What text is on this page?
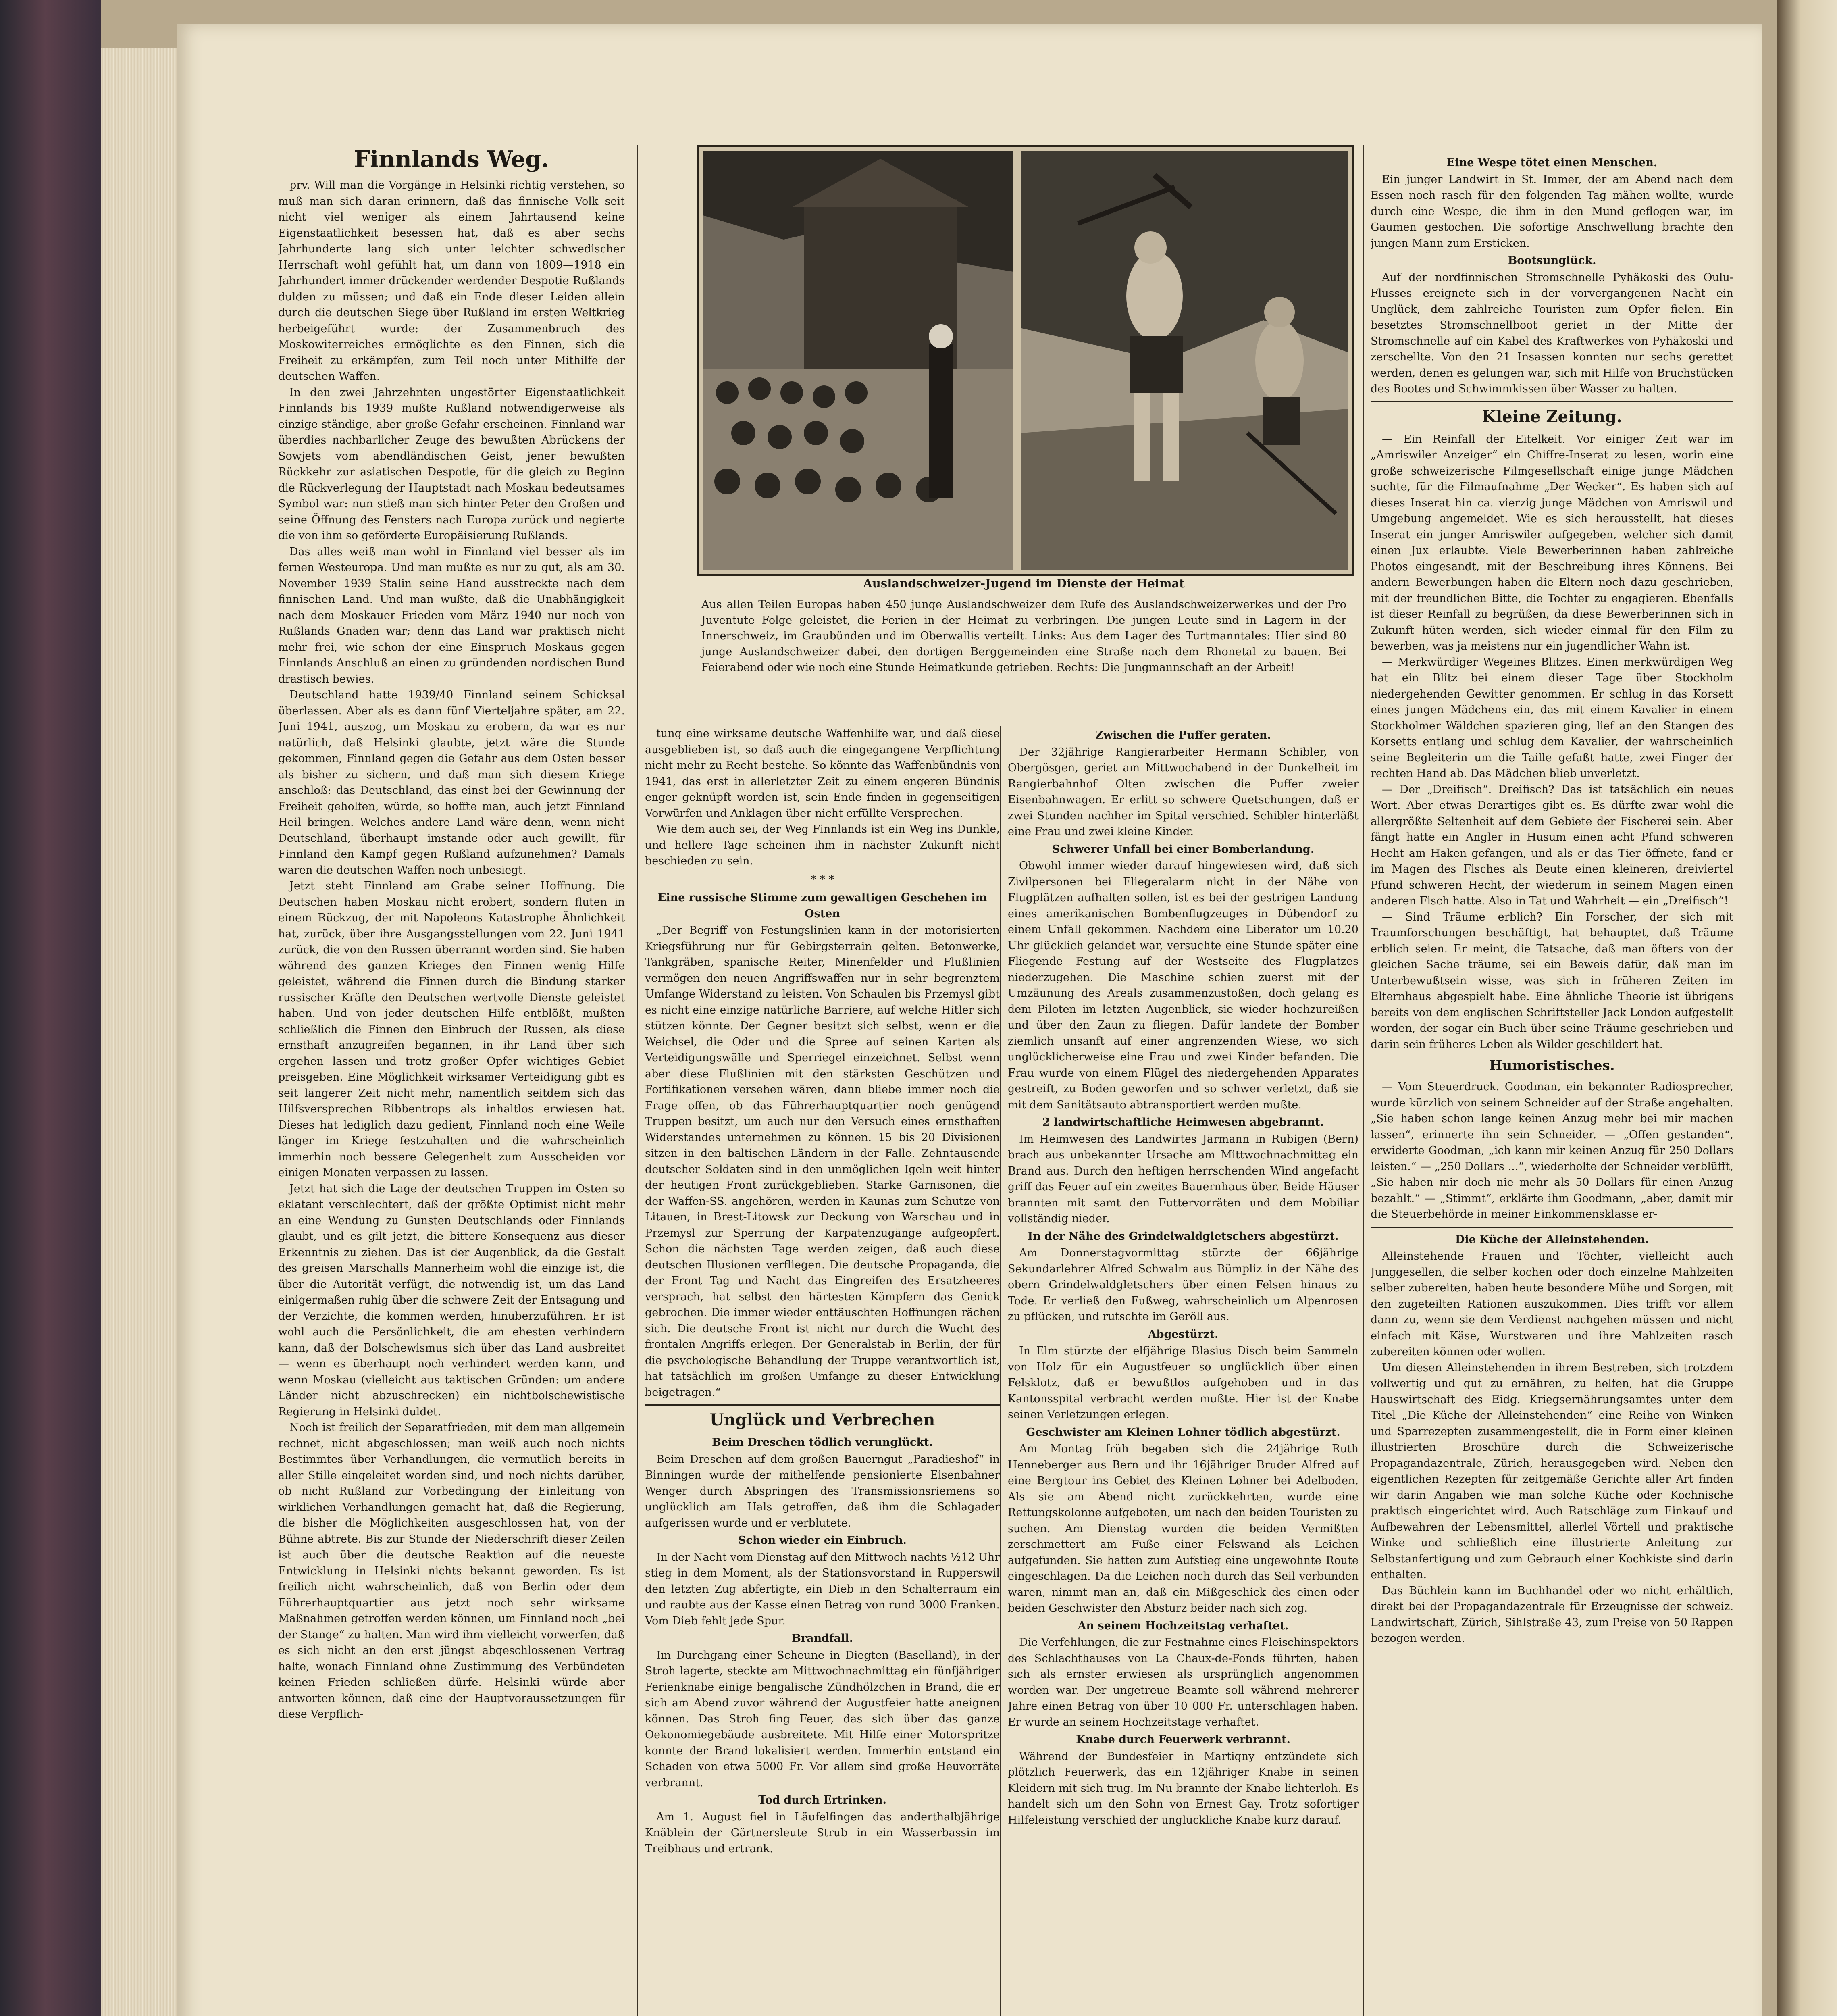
Finnlands Weg.

prv. Will man die Vorgänge in Helsinki richtig verstehen, so muß man sich daran erinnern, daß das finnische Volk seit nicht viel weniger als einem Jahrtausend keine Eigenstaatlichkeit besessen hat, daß es aber sechs Jahrhunderte lang sich unter leichter schwedischer Herrschaft wohl gefühlt hat, um dann von 1809—1918 ein Jahrhundert immer drückender werdender Despotie Rußlands dulden zu müssen; und daß ein Ende dieser Leiden allein durch die deutschen Siege über Rußland im ersten Weltkrieg herbeigeführt wurde: der Zusammenbruch des Moskowiterreiches ermöglichte es den Finnen, sich die Freiheit zu erkämpfen, zum Teil noch unter Mithilfe der deutschen Waffen.

In den zwei Jahrzehnten ungestörter Eigenstaatlichkeit Finnlands bis 1939 mußte Rußland notwendigerweise als einzige ständige, aber große Gefahr erscheinen. Finnland war überdies nachbarlicher Zeuge des bewußten Abrückens der Sowjets vom abendländischen Geist, jener bewußten Rückkehr zur asiatischen Despotie, für die gleich zu Beginn die Rückverlegung der Hauptstadt nach Moskau bedeutsames Symbol war: nun stieß man sich hinter Peter den Großen und seine Öffnung des Fensters nach Europa zurück und negierte die von ihm so geförderte Europäisierung Rußlands.

Das alles weiß man wohl in Finnland viel besser als im fernen Westeuropa. Und man mußte es nur zu gut, als am 30. November 1939 Stalin seine Hand ausstreckte nach dem finnischen Land. Und man wußte, daß die Unabhängigkeit nach dem Moskauer Frieden vom März 1940 nur noch von Rußlands Gnaden war; denn das Land war praktisch nicht mehr frei, wie schon der eine Einspruch Moskaus gegen Finnlands Anschluß an einen zu gründenden nordischen Bund drastisch bewies.

Deutschland hatte 1939/40 Finnland seinem Schicksal überlassen. Aber als es dann fünf Vierteljahre später, am 22. Juni 1941, auszog, um Moskau zu erobern, da war es nur natürlich, daß Helsinki glaubte, jetzt wäre die Stunde gekommen, Finnland gegen die Gefahr aus dem Osten besser als bisher zu sichern, und daß man sich diesem Kriege anschloß: das Deutschland, das einst bei der Gewinnung der Freiheit geholfen, würde, so hoffte man, auch jetzt Finnland Heil bringen. Welches andere Land wäre denn, wenn nicht Deutschland, überhaupt imstande oder auch gewillt, für Finnland den Kampf gegen Rußland aufzunehmen? Damals waren die deutschen Waffen noch unbesiegt.

Jetzt steht Finnland am Grabe seiner Hoffnung. Die Deutschen haben Moskau nicht erobert, sondern fluten in einem Rückzug, der mit Napoleons Katastrophe Ähnlichkeit hat, zurück, über ihre Ausgangsstellungen vom 22. Juni 1941 zurück, die von den Russen überrannt worden sind. Sie haben während des ganzen Krieges den Finnen wenig Hilfe geleistet, während die Finnen durch die Bindung starker russischer Kräfte den Deutschen wertvolle Dienste geleistet haben. Und von jeder deutschen Hilfe entblößt, mußten schließlich die Finnen den Einbruch der Russen, als diese ernsthaft anzugreifen begannen, in ihr Land über sich ergehen lassen und trotz großer Opfer wichtiges Gebiet preisgeben. Eine Möglichkeit wirksamer Verteidigung gibt es seit längerer Zeit nicht mehr, namentlich seitdem sich das Hilfsversprechen Ribbentrops als inhaltlos erwiesen hat. Dieses hat lediglich dazu gedient, Finnland noch eine Weile länger im Kriege festzuhalten und die wahrscheinlich immerhin noch bessere Gelegenheit zum Ausscheiden vor einigen Monaten verpassen zu lassen.

Jetzt hat sich die Lage der deutschen Truppen im Osten so eklatant verschlechtert, daß der größte Optimist nicht mehr an eine Wendung zu Gunsten Deutschlands oder Finnlands glaubt, und es gilt jetzt, die bittere Konsequenz aus dieser Erkenntnis zu ziehen. Das ist der Augenblick, da die Gestalt des greisen Marschalls Mannerheim wohl die einzige ist, die über die Autorität verfügt, die notwendig ist, um das Land einigermaßen ruhig über die schwere Zeit der Entsagung und der Verzichte, die kommen werden, hinüberzuführen. Er ist wohl auch die Persönlichkeit, die am ehesten verhindern kann, daß der Bolschewismus sich über das Land ausbreitet — wenn es überhaupt noch verhindert werden kann, und wenn Moskau (vielleicht aus taktischen Gründen: um andere Länder nicht abzuschrecken) ein nichtbolschewistische Regierung in Helsinki duldet.

Noch ist freilich der Separatfrieden, mit dem man allgemein rechnet, nicht abgeschlossen; man weiß auch noch nichts Bestimmtes über Verhandlungen, die vermutlich bereits in aller Stille eingeleitet worden sind, und noch nichts darüber, ob nicht Rußland zur Vorbedingung der Einleitung von wirklichen Verhandlungen gemacht hat, daß die Regierung, die bisher die Möglichkeiten ausgeschlossen hat, von der Bühne abtrete. Bis zur Stunde der Niederschrift dieser Zeilen ist auch über die deutsche Reaktion auf die neueste Entwicklung in Helsinki nichts bekannt geworden. Es ist freilich nicht wahrscheinlich, daß von Berlin oder dem Führerhauptquartier aus jetzt noch sehr wirksame Maßnahmen getroffen werden können, um Finnland noch „bei der Stange“ zu halten. Man wird ihm vielleicht vorwerfen, daß es sich nicht an den erst jüngst abgeschlossenen Vertrag halte, wonach Finnland ohne Zustimmung des Verbündeten keinen Frieden schließen dürfe. Helsinki würde aber antworten können, daß eine der Hauptvoraussetzungen für diese Verpflich-

Auslandschweizer-Jugend im Dienste der Heimat
Aus allen Teilen Europas haben 450 junge Auslandschweizer dem Rufe des Auslandschweizerwerkes und der Pro Juventute Folge geleistet, die Ferien in der Heimat zu verbringen. Die jungen Leute sind in Lagern in der Innerschweiz, im Graubünden und im Oberwallis verteilt. Links: Aus dem Lager des Turtmanntales: Hier sind 80 junge Auslandschweizer dabei, den dortigen Berggemeinden eine Straße nach dem Rhonetal zu bauen. Bei Feierabend oder wie noch eine Stunde Heimatkunde getrieben. Rechts: Die Jungmannschaft an der Arbeit!

tung eine wirksame deutsche Waffenhilfe war, und daß diese ausgeblieben ist, so daß auch die eingegangene Verpflichtung nicht mehr zu Recht bestehe. So könnte das Waffenbündnis von 1941, das erst in allerletzter Zeit zu einem engeren Bündnis enger geknüpft worden ist, sein Ende finden in gegenseitigen Vorwürfen und Anklagen über nicht erfüllte Versprechen.

Wie dem auch sei, der Weg Finnlands ist ein Weg ins Dunkle, und hellere Tage scheinen ihm in nächster Zukunft nicht beschieden zu sein.

* * *
Eine russische Stimme zum gewaltigen Geschehen im Osten

„Der Begriff von Festungslinien kann in der motorisierten Kriegsführung nur für Gebirgsterrain gelten. Betonwerke, Tankgräben, spanische Reiter, Minenfelder und Flußlinien vermögen den neuen Angriffswaffen nur in sehr begrenztem Umfange Widerstand zu leisten. Von Schaulen bis Przemysl gibt es nicht eine einzige natürliche Barriere, auf welche Hitler sich stützen könnte. Der Gegner besitzt sich selbst, wenn er die Weichsel, die Oder und die Spree auf seinen Karten als Verteidigungswälle und Sperriegel einzeichnet. Selbst wenn aber diese Flußlinien mit den stärksten Geschützen und Fortifikationen versehen wären, dann bliebe immer noch die Frage offen, ob das Führerhauptquartier noch genügend Truppen besitzt, um auch nur den Versuch eines ernsthaften Widerstandes unternehmen zu können. 15 bis 20 Divisionen sitzen in den baltischen Ländern in der Falle. Zehntausende deutscher Soldaten sind in den unmöglichen Igeln weit hinter der heutigen Front zurückgeblieben. Starke Garnisonen, die der Waffen-SS. angehören, werden in Kaunas zum Schutze von Litauen, in Brest-Litowsk zur Deckung von Warschau und in Przemysl zur Sperrung der Karpatenzugänge aufgeopfert. Schon die nächsten Tage werden zeigen, daß auch diese deutschen Illusionen verfliegen. Die deutsche Propaganda, die der Front Tag und Nacht das Eingreifen des Ersatzheeres versprach, hat selbst den härtesten Kämpfern das Genick gebrochen. Die immer wieder enttäuschten Hoffnungen rächen sich. Die deutsche Front ist nicht nur durch die Wucht des frontalen Angriffs erlegen. Der Generalstab in Berlin, der für die psychologische Behandlung der Truppe verantwortlich ist, hat tatsächlich im großen Umfange zu dieser Entwicklung beigetragen.“

Unglück und Verbrechen
Beim Dreschen tödlich verunglückt.

Beim Dreschen auf dem großen Bauerngut „Paradieshof“ in Binningen wurde der mithelfende pensionierte Eisenbahner Wenger durch Abspringen des Transmissionsriemens so unglücklich am Hals getroffen, daß ihm die Schlagader aufgerissen wurde und er verblutete.

Schon wieder ein Einbruch.

In der Nacht vom Dienstag auf den Mittwoch nachts ½12 Uhr stieg in dem Moment, als der Stationsvorstand in Rupperswil den letzten Zug abfertigte, ein Dieb in den Schalterraum ein und raubte aus der Kasse einen Betrag von rund 3000 Franken. Vom Dieb fehlt jede Spur.

Brandfall.

Im Durchgang einer Scheune in Diegten (Baselland), in der Stroh lagerte, steckte am Mittwochnachmittag ein fünfjähriger Ferienknabe einige bengalische Zündhölzchen in Brand, die er sich am Abend zuvor während der Augustfeier hatte aneignen können. Das Stroh fing Feuer, das sich über das ganze Oekonomiegebäude ausbreitete. Mit Hilfe einer Motorspritze konnte der Brand lokalisiert werden. Immerhin entstand ein Schaden von etwa 5000 Fr. Vor allem sind große Heuvorräte verbrannt.

Tod durch Ertrinken.

Am 1. August fiel in Läufelfingen das anderthalbjährige Knäblein der Gärtnersleute Strub in ein Wasserbassin im Treibhaus und ertrank.

Zwischen die Puffer geraten.

Der 32jährige Rangierarbeiter Hermann Schibler, von Obergösgen, geriet am Mittwochabend in der Dunkelheit im Rangierbahnhof Olten zwischen die Puffer zweier Eisenbahnwagen. Er erlitt so schwere Quetschungen, daß er zwei Stunden nachher im Spital verschied. Schibler hinterläßt eine Frau und zwei kleine Kinder.

Schwerer Unfall bei einer Bomberlandung.

Obwohl immer wieder darauf hingewiesen wird, daß sich Zivilpersonen bei Fliegeralarm nicht in der Nähe von Flugplätzen aufhalten sollen, ist es bei der gestrigen Landung eines amerikanischen Bombenflugzeuges in Dübendorf zu einem Unfall gekommen. Nachdem eine Liberator um 10.20 Uhr glücklich gelandet war, versuchte eine Stunde später eine Fliegende Festung auf der Westseite des Flugplatzes niederzugehen. Die Maschine schien zuerst mit der Umzäunung des Areals zusammenzustoßen, doch gelang es dem Piloten im letzten Augenblick, sie wieder hochzureißen und über den Zaun zu fliegen. Dafür landete der Bomber ziemlich unsanft auf einer angrenzenden Wiese, wo sich unglücklicherweise eine Frau und zwei Kinder befanden. Die Frau wurde von einem Flügel des niedergehenden Apparates gestreift, zu Boden geworfen und so schwer verletzt, daß sie mit dem Sanitätsauto abtransportiert werden mußte.

2 landwirtschaftliche Heimwesen abgebrannt.

Im Heimwesen des Landwirtes Järmann in Rubigen (Bern) brach aus unbekannter Ursache am Mittwochnachmittag ein Brand aus. Durch den heftigen herrschenden Wind angefacht griff das Feuer auf ein zweites Bauernhaus über. Beide Häuser brannten mit samt den Futtervorräten und dem Mobiliar vollständig nieder.

In der Nähe des Grindelwaldgletschers abgestürzt.

Am Donnerstagvormittag stürzte der 66jährige Sekundarlehrer Alfred Schwalm aus Bümpliz in der Nähe des obern Grindelwaldgletschers über einen Felsen hinaus zu Tode. Er verließ den Fußweg, wahrscheinlich um Alpenrosen zu pflücken, und rutschte im Geröll aus.

Abgestürzt.

In Elm stürzte der elfjährige Blasius Disch beim Sammeln von Holz für ein Augustfeuer so unglücklich über einen Felsklotz, daß er bewußtlos aufgehoben und in das Kantonsspital verbracht werden mußte. Hier ist der Knabe seinen Verletzungen erlegen.

Geschwister am Kleinen Lohner tödlich abgestürzt.

Am Montag früh begaben sich die 24jährige Ruth Henneberger aus Bern und ihr 16jähriger Bruder Alfred auf eine Bergtour ins Gebiet des Kleinen Lohner bei Adelboden. Als sie am Abend nicht zurückkehrten, wurde eine Rettungskolonne aufgeboten, um nach den beiden Touristen zu suchen. Am Dienstag wurden die beiden Vermißten zerschmettert am Fuße einer Felswand als Leichen aufgefunden. Sie hatten zum Aufstieg eine ungewohnte Route eingeschlagen. Da die Leichen noch durch das Seil verbunden waren, nimmt man an, daß ein Mißgeschick des einen oder beiden Geschwister den Absturz beider nach sich zog.

An seinem Hochzeitstag verhaftet.

Die Verfehlungen, die zur Festnahme eines Fleischinspektors des Schlachthauses von La Chaux-de-Fonds führten, haben sich als ernster erwiesen als ursprünglich angenommen worden war. Der ungetreue Beamte soll während mehrerer Jahre einen Betrag von über 10 000 Fr. unterschlagen haben. Er wurde an seinem Hochzeitstage verhaftet.

Knabe durch Feuerwerk verbrannt.

Während der Bundesfeier in Martigny entzündete sich plötzlich Feuerwerk, das ein 12jähriger Knabe in seinen Kleidern mit sich trug. Im Nu brannte der Knabe lichterloh. Es handelt sich um den Sohn von Ernest Gay. Trotz sofortiger Hilfeleistung verschied der unglückliche Knabe kurz darauf.

Eine Wespe tötet einen Menschen.

Ein junger Landwirt in St. Immer, der am Abend nach dem Essen noch rasch für den folgenden Tag mähen wollte, wurde durch eine Wespe, die ihm in den Mund geflogen war, im Gaumen gestochen. Die sofortige Anschwellung brachte den jungen Mann zum Ersticken.

Bootsunglück.

Auf der nordfinnischen Stromschnelle Pyhäkoski des Oulu-Flusses ereignete sich in der vorvergangenen Nacht ein Unglück, dem zahlreiche Touristen zum Opfer fielen. Ein besetztes Stromschnellboot geriet in der Mitte der Stromschnelle auf ein Kabel des Kraftwerkes von Pyhäkoski und zerschellte. Von den 21 Insassen konnten nur sechs gerettet werden, denen es gelungen war, sich mit Hilfe von Bruchstücken des Bootes und Schwimmkissen über Wasser zu halten.

Kleine Zeitung.

— Ein Reinfall der Eitelkeit. Vor einiger Zeit war im „Amriswiler Anzeiger“ ein Chiffre-Inserat zu lesen, worin eine große schweizerische Filmgesellschaft einige junge Mädchen suchte, für die Filmaufnahme „Der Wecker“. Es haben sich auf dieses Inserat hin ca. vierzig junge Mädchen von Amriswil und Umgebung angemeldet. Wie es sich herausstellt, hat dieses Inserat ein junger Amriswiler aufgegeben, welcher sich damit einen Jux erlaubte. Viele Bewerberinnen haben zahlreiche Photos eingesandt, mit der Beschreibung ihres Könnens. Bei andern Bewerbungen haben die Eltern noch dazu geschrieben, mit der freundlichen Bitte, die Tochter zu engagieren. Ebenfalls ist dieser Reinfall zu begrüßen, da diese Bewerberinnen sich in Zukunft hüten werden, sich wieder einmal für den Film zu bewerben, was ja meistens nur ein jugendlicher Wahn ist.

— Merkwürdiger Wegeines Blitzes. Einen merkwürdigen Weg hat ein Blitz bei einem dieser Tage über Stockholm niedergehenden Gewitter genommen. Er schlug in das Korsett eines jungen Mädchens ein, das mit einem Kavalier in einem Stockholmer Wäldchen spazieren ging, lief an den Stangen des Korsetts entlang und schlug dem Kavalier, der wahrscheinlich seine Begleiterin um die Taille gefaßt hatte, zwei Finger der rechten Hand ab. Das Mädchen blieb unverletzt.

— Der „Dreifisch“. Dreifisch? Das ist tatsächlich ein neues Wort. Aber etwas Derartiges gibt es. Es dürfte zwar wohl die allergrößte Seltenheit auf dem Gebiete der Fischerei sein. Aber fängt hatte ein Angler in Husum einen acht Pfund schweren Hecht am Haken gefangen, und als er das Tier öffnete, fand er im Magen des Fisches als Beute einen kleineren, dreiviertel Pfund schweren Hecht, der wiederum in seinem Magen einen anderen Fisch hatte. Also in Tat und Wahrheit — ein „Dreifisch“!

— Sind Träume erblich? Ein Forscher, der sich mit Traumforschungen beschäftigt, hat behauptet, daß Träume erblich seien. Er meint, die Tatsache, daß man öfters von der gleichen Sache träume, sei ein Beweis dafür, daß man im Unterbewußtsein wisse, was sich in früheren Zeiten im Elternhaus abgespielt habe. Eine ähnliche Theorie ist übrigens bereits von dem englischen Schriftsteller Jack London aufgestellt worden, der sogar ein Buch über seine Träume geschrieben und darin sein früheres Leben als Wilder geschildert hat.

Humoristisches.

— Vom Steuerdruck. Goodman, ein bekannter Radiosprecher, wurde kürzlich von seinem Schneider auf der Straße angehalten. „Sie haben schon lange keinen Anzug mehr bei mir machen lassen“, erinnerte ihn sein Schneider. — „Offen gestanden“, erwiderte Goodman, „ich kann mir keinen Anzug für 250 Dollars leisten.“ — „250 Dollars ...“, wiederholte der Schneider verblüfft, „Sie haben mir doch nie mehr als 50 Dollars für einen Anzug bezahlt.“ — „Stimmt“, erklärte ihm Goodmann, „aber, damit mir die Steuerbehörde in meiner Einkommensklasse er-

Die Küche der Alleinstehenden.

Alleinstehende Frauen und Töchter, vielleicht auch Junggesellen, die selber kochen oder doch einzelne Mahlzeiten selber zubereiten, haben heute besondere Mühe und Sorgen, mit den zugeteilten Rationen auszukommen. Dies trifft vor allem dann zu, wenn sie dem Verdienst nachgehen müssen und nicht einfach mit Käse, Wurstwaren und ihre Mahlzeiten rasch zubereiten können oder wollen.

Um diesen Alleinstehenden in ihrem Bestreben, sich trotzdem vollwertig und gut zu ernähren, zu helfen, hat die Gruppe Hauswirtschaft des Eidg. Kriegsernährungsamtes unter dem Titel „Die Küche der Alleinstehenden“ eine Reihe von Winken und Sparrezepten zusammengestellt, die in Form einer kleinen illustrierten Broschüre durch die Schweizerische Propagandazentrale, Zürich, herausgegeben wird. Neben den eigentlichen Rezepten für zeitgemäße Gerichte aller Art finden wir darin Angaben wie man solche Küche oder Kochnische praktisch eingerichtet wird. Auch Ratschläge zum Einkauf und Aufbewahren der Lebensmittel, allerlei Vörteli und praktische Winke und schließlich eine illustrierte Anleitung zur Selbstanfertigung und zum Gebrauch einer Kochkiste sind darin enthalten.

Das Büchlein kann im Buchhandel oder wo nicht erhältlich, direkt bei der Propagandazentrale für Erzeugnisse der schweiz. Landwirtschaft, Zürich, Sihlstraße 43, zum Preise von 50 Rappen bezogen werden.
